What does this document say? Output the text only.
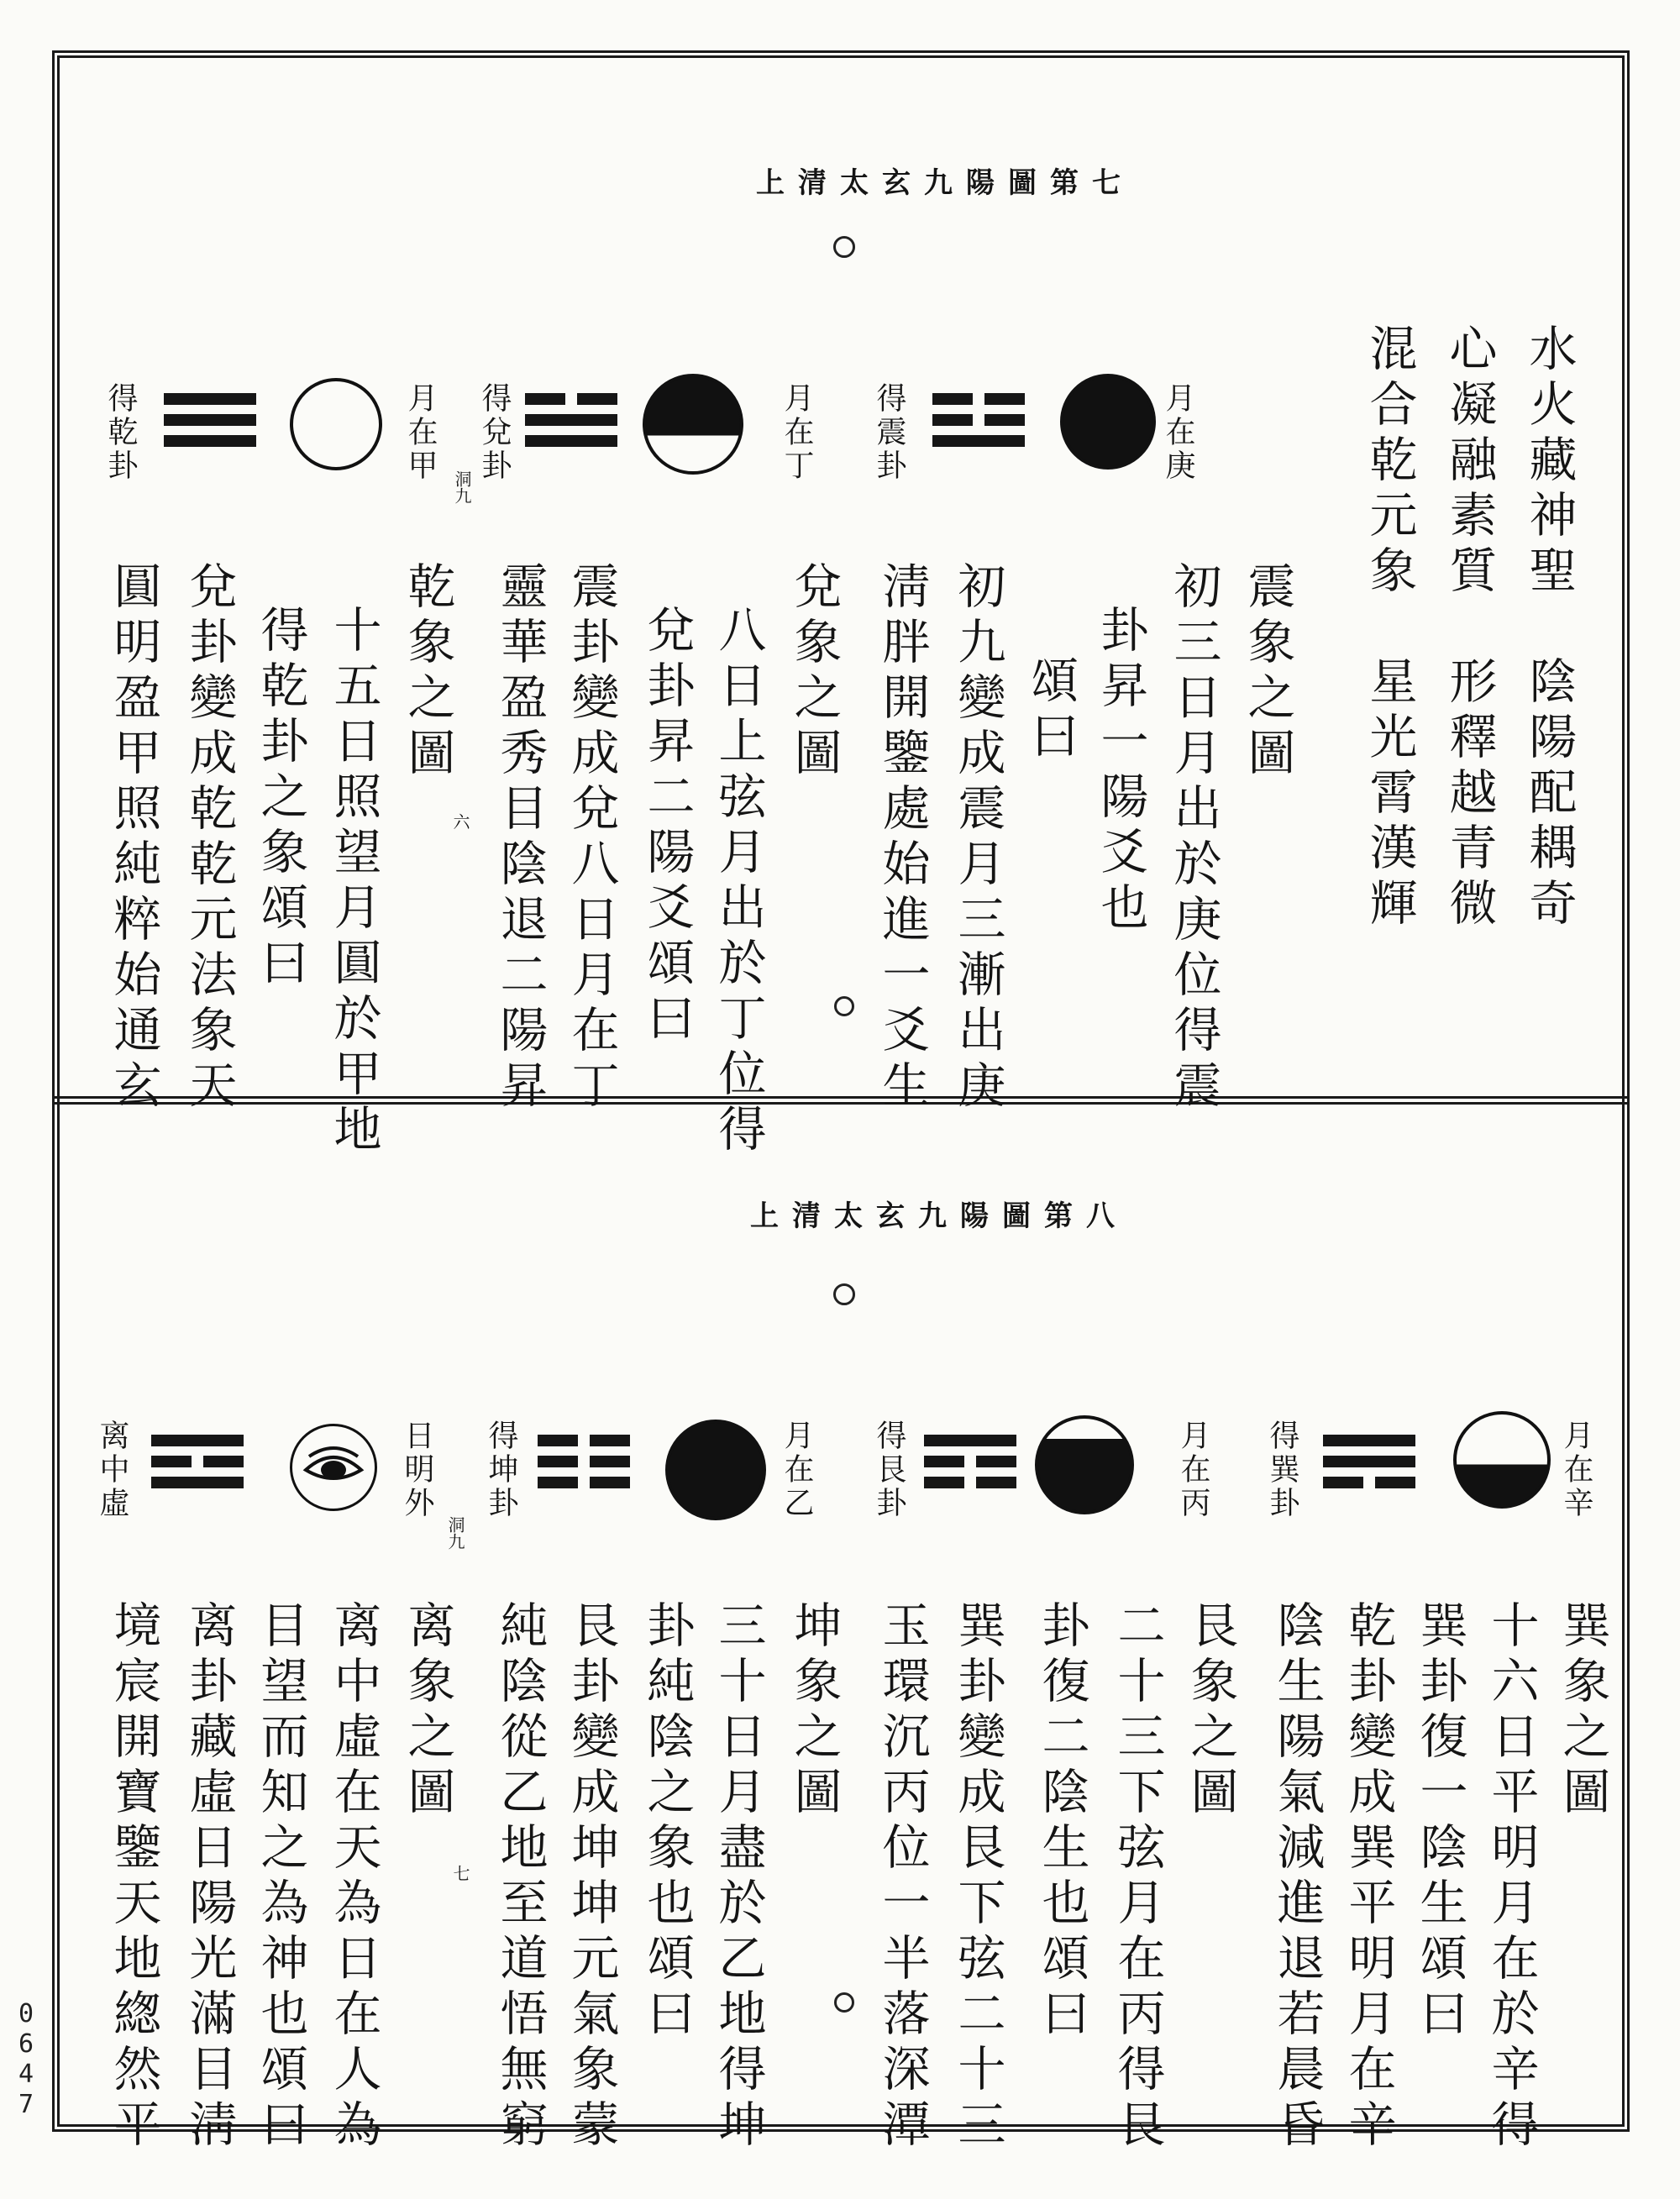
上清太玄九陽圖第七
水火藏神聖　陰陽配耦奇
心凝融素質　形釋越青微
混合乾元象　星光霄漢輝
月在庚
得震卦
月在丁
得兌卦
洞九
月在甲
得乾卦
震象之圖
初三日月出於庚位得震
卦昇一陽爻也
頌曰
初九變成震月三漸出庚
淸胖開鑒處始進一爻生
兌象之圖
八日上弦月出於丁位得
兌卦昇二陽爻頌曰
震卦變成兌八日月在丁
靈華盈秀目陰退二陽昇
六
乾象之圖
十五日照望月圓於甲地
得乾卦之象頌曰
兌卦變成乾乾元法象天
圓明盈甲照純粹始通玄
上清太玄九陽圖第八
月在辛
得巽卦
月在丙
得艮卦
月在乙
得坤卦
洞九
日明外
离中虛
巽象之圖
十六日平明月在於辛得
巽卦復一陰生頌曰
乾卦變成巽平明月在辛
陰生陽氣減進退若晨昏
艮象之圖
二十三下弦月在丙得艮
卦復二陰生也頌曰
巽卦變成艮下弦二十三
玉環沉丙位一半落深潭
坤象之圖
三十日月盡於乙地得坤
卦純陰之象也頌曰
艮卦變成坤坤元氣象蒙
純陰從乙地至道悟無窮
七
离象之圖
离中虛在天為日在人為
目望而知之為神也頌曰
离卦藏虛日陽光滿目淸
境宸開寶鑒天地緫然平
0
6
4
7
